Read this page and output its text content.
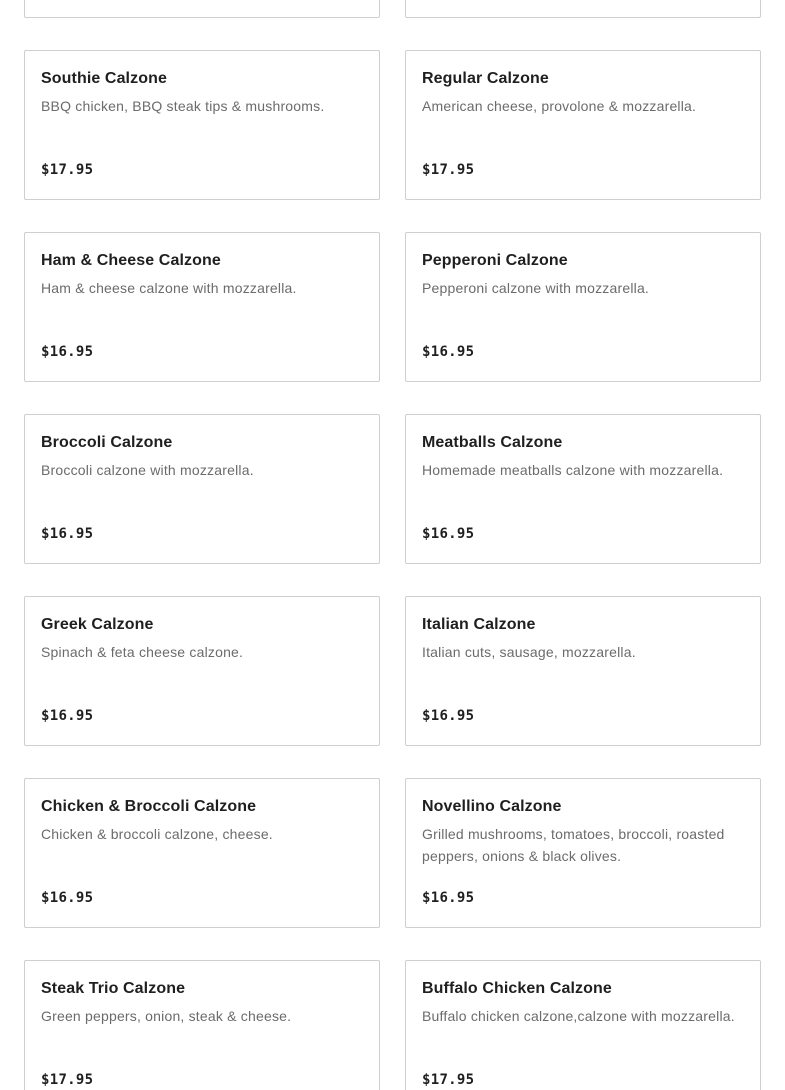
Southie Calzone
BBQ chicken, BBQ steak tips & mushrooms.
$17.95
Regular Calzone
American cheese, provolone & mozzarella.
$17.95
Ham & Cheese Calzone
Ham & cheese calzone with mozzarella.
$16.95
Pepperoni Calzone
Pepperoni calzone with mozzarella.
$16.95
Broccoli Calzone
Broccoli calzone with mozzarella.
$16.95
Meatballs Calzone
Homemade meatballs calzone with mozzarella.
$16.95
Greek Calzone
Spinach & feta cheese calzone.
$16.95
Italian Calzone
Italian cuts, sausage, mozzarella.
$16.95
Chicken & Broccoli Calzone
Chicken & broccoli calzone, cheese.
$16.95
Novellino Calzone
Grilled mushrooms, tomatoes, broccoli, roasted peppers, onions & black olives.
$16.95
Steak Trio Calzone
Green peppers, onion, steak & cheese.
$17.95
Buffalo Chicken Calzone
Buffalo chicken calzone,calzone with mozzarella.
$17.95
